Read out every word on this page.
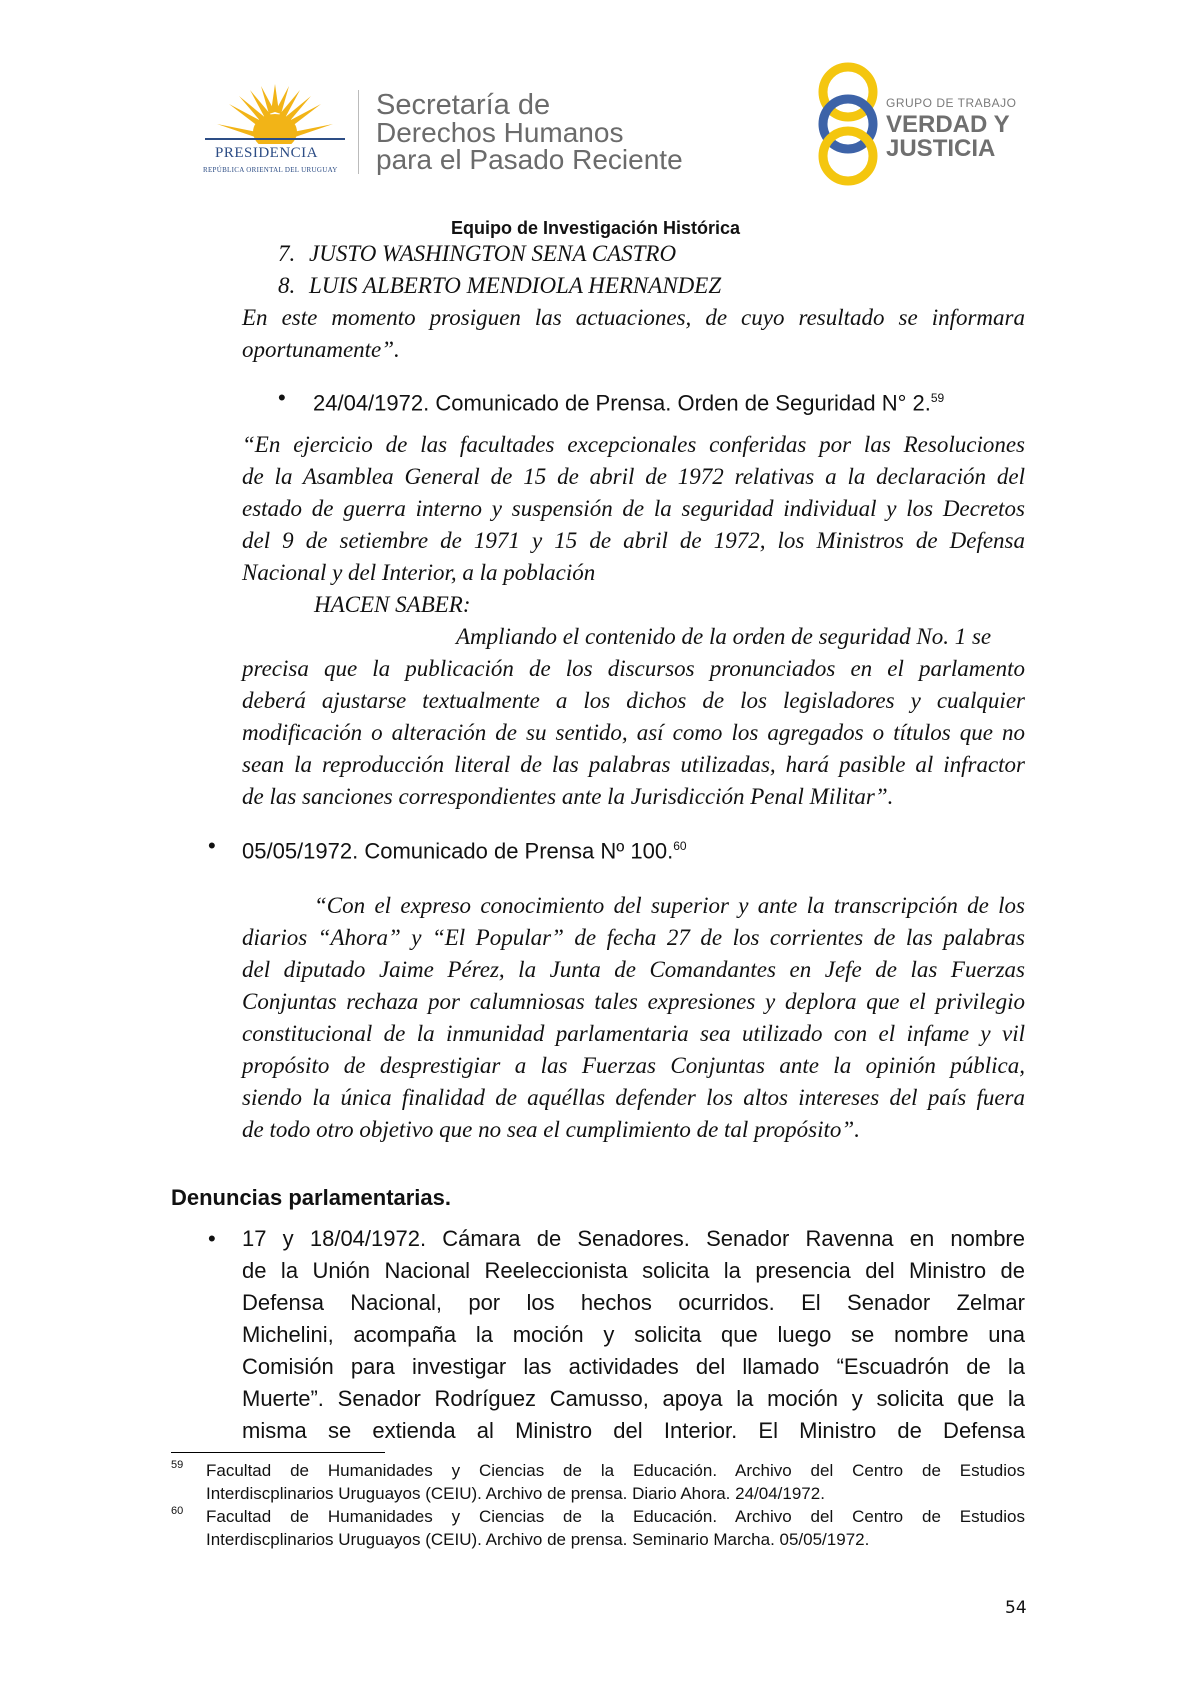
PRESIDENCIA
REPÚBLICA ORIENTAL DEL URUGUAY
Secretaría de
Derechos Humanos
para el Pasado Reciente
GRUPO DE TRABAJO
VERDAD Y
JUSTICIA
Equipo de Investigación Histórica
7. JUSTO WASHINGTON SENA CASTRO
8. LUIS ALBERTO MENDIOLA HERNANDEZ
En este momento prosiguen las actuaciones, de cuyo resultado se informara
oportunamente”.
• 24/04/1972. Comunicado de Prensa. Orden de Seguridad N° 2.59
“En ejercicio de las facultades excepcionales conferidas por las Resoluciones
de la Asamblea General de 15 de abril de 1972 relativas a la declaración del
estado de guerra interno y suspensión de la seguridad individual y los Decretos
del 9 de setiembre de 1971 y 15 de abril de 1972, los Ministros de Defensa
Nacional y del Interior, a la población
HACEN SABER:
Ampliando el contenido de la orden de seguridad No. 1 se
precisa que la publicación de los discursos pronunciados en el parlamento
deberá ajustarse textualmente a los dichos de los legisladores y cualquier
modificación o alteración de su sentido, así como los agregados o títulos que no
sean la reproducción literal de las palabras utilizadas, hará pasible al infractor
de las sanciones correspondientes ante la Jurisdicción Penal Militar”.
• 05/05/1972. Comunicado de Prensa Nº 100.60
“Con el expreso conocimiento del superior y ante la transcripción de los
diarios “Ahora” y “El Popular” de fecha 27 de los corrientes de las palabras
del diputado Jaime Pérez, la Junta de Comandantes en Jefe de las Fuerzas
Conjuntas rechaza por calumniosas tales expresiones y deplora que el privilegio
constitucional de la inmunidad parlamentaria sea utilizado con el infame y vil
propósito de desprestigiar a las Fuerzas Conjuntas ante la opinión pública,
siendo la única finalidad de aquéllas defender los altos intereses del país fuera
de todo otro objetivo que no sea el cumplimiento de tal propósito”.
Denuncias parlamentarias.
• 17 y 18/04/1972. Cámara de Senadores. Senador Ravenna en nombre
de la Unión Nacional Reeleccionista solicita la presencia del Ministro de
Defensa Nacional, por los hechos ocurridos. El Senador Zelmar
Michelini, acompaña la moción y solicita que luego se nombre una
Comisión para investigar las actividades del llamado “Escuadrón de la
Muerte”. Senador Rodríguez Camusso, apoya la moción y solicita que la
misma se extienda al Ministro del Interior. El Ministro de Defensa
59 Facultad de Humanidades y Ciencias de la Educación. Archivo del Centro de Estudios
Interdiscplinarios Uruguayos (CEIU). Archivo de prensa. Diario Ahora. 24/04/1972.
60 Facultad de Humanidades y Ciencias de la Educación. Archivo del Centro de Estudios
Interdiscplinarios Uruguayos (CEIU). Archivo de prensa. Seminario Marcha. 05/05/1972.
54
